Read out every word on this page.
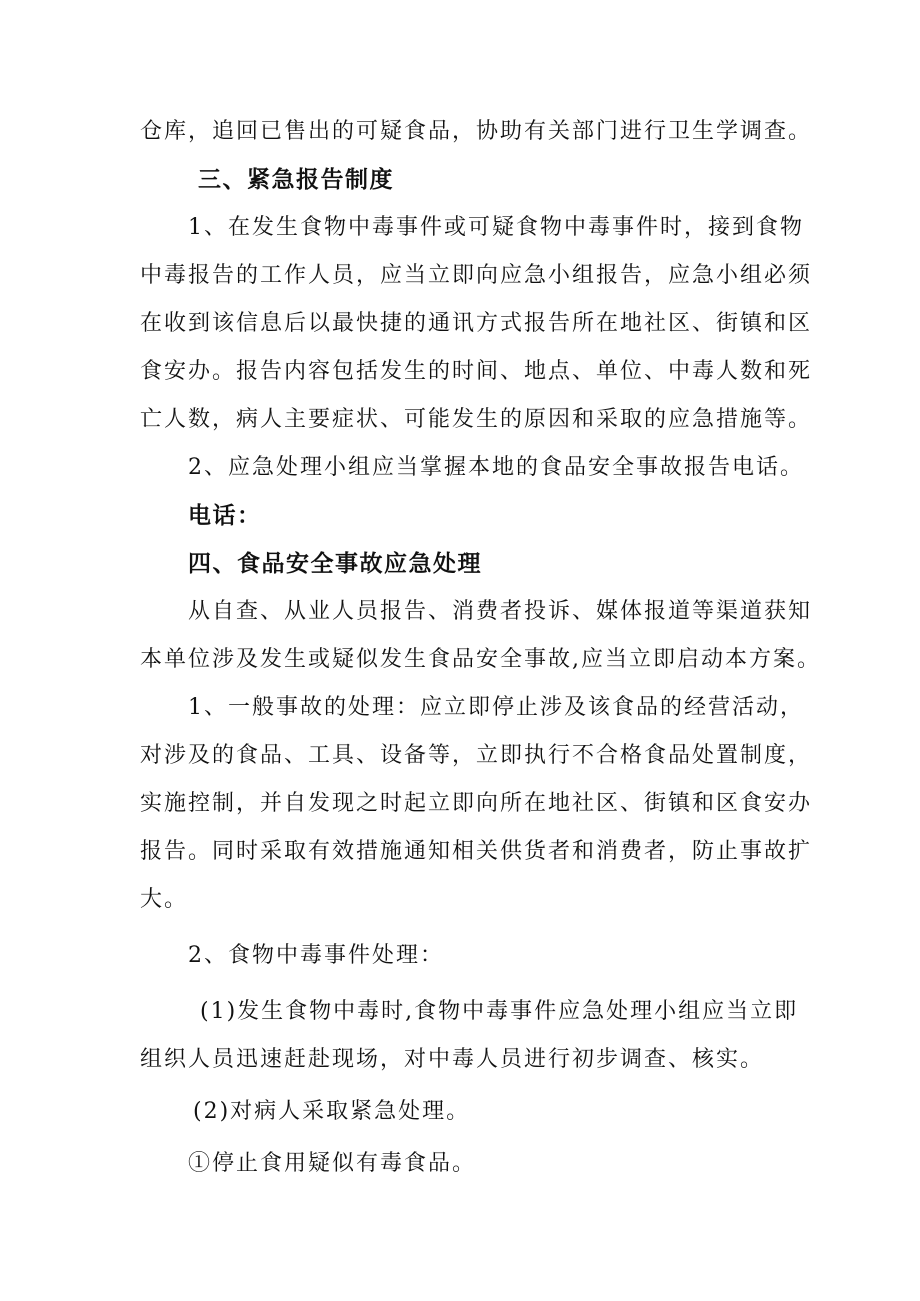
仓库，追回已售出的可疑食品，协助有关部门进行卫生学调查。
三、紧急报告制度
1、在发生食物中毒事件或可疑食物中毒事件时，接到食物
中毒报告的工作人员，应当立即向应急小组报告，应急小组必须
在收到该信息后以最快捷的通讯方式报告所在地社区、街镇和区
食安办。报告内容包括发生的时间、地点、单位、中毒人数和死
亡人数，病人主要症状、可能发生的原因和采取的应急措施等。
2、应急处理小组应当掌握本地的食品安全事故报告电话。
电话：
四、食品安全事故应急处理
从自查、从业人员报告、消费者投诉、媒体报道等渠道获知
本单位涉及发生或疑似发生食品安全事故,应当立即启动本方案。
1、一般事故的处理：应立即停止涉及该食品的经营活动，
对涉及的食品、工具、设备等，立即执行不合格食品处置制度，
实施控制，并自发现之时起立即向所在地社区、街镇和区食安办
报告。同时采取有效措施通知相关供货者和消费者，防止事故扩
大。
2、食物中毒事件处理：
(1)发生食物中毒时,食物中毒事件应急处理小组应当立即
组织人员迅速赶赴现场，对中毒人员进行初步调查、核实。
(2)对病人采取紧急处理。
①停止食用疑似有毒食品。
